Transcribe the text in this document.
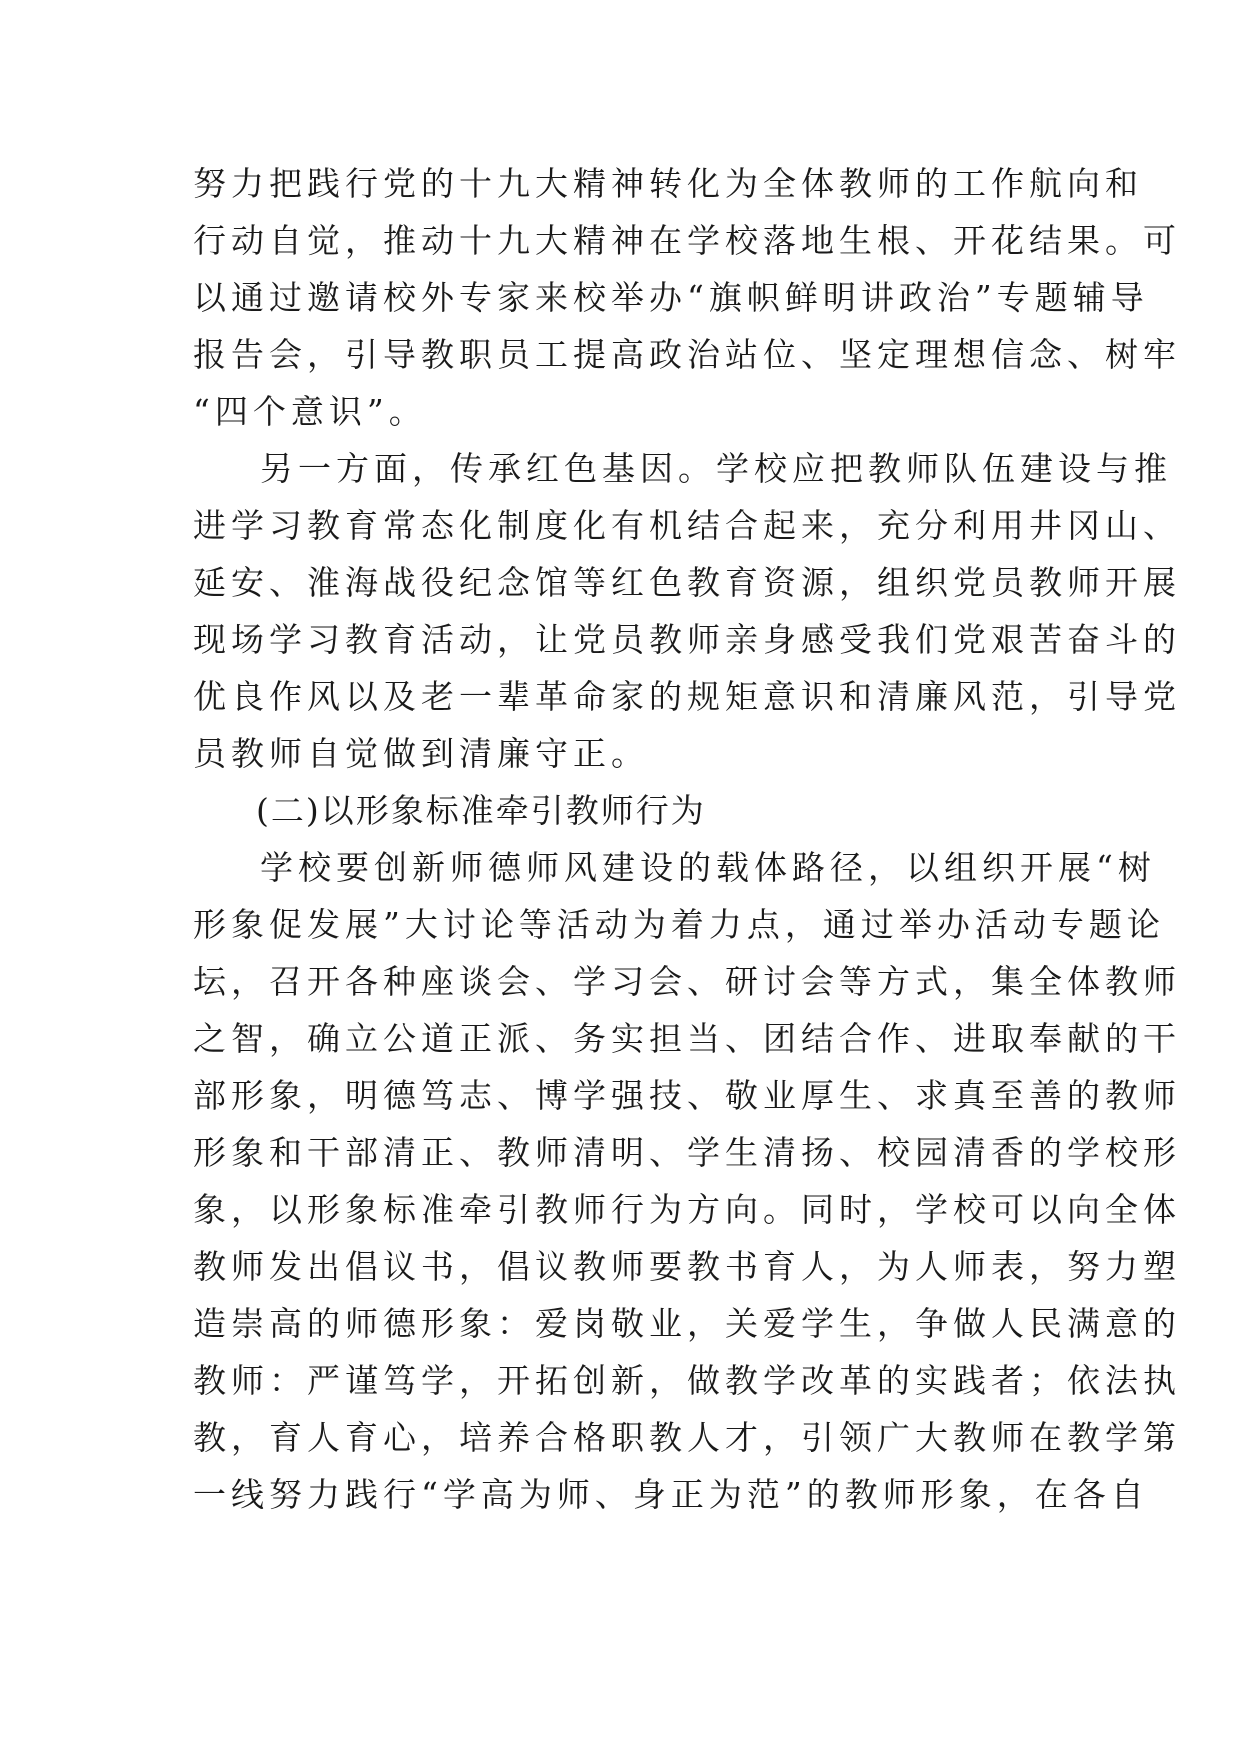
努力把践行党的十九大精神转化为全体教师的工作航向和
行动自觉，推动十九大精神在学校落地生根、开花结果。可
以通过邀请校外专家来校举办“旗帜鲜明讲政治”专题辅导
报告会，引导教职员工提高政治站位、坚定理想信念、树牢
“四个意识”。
另一方面，传承红色基因。学校应把教师队伍建设与推
进学习教育常态化制度化有机结合起来，充分利用井冈山、
延安、淮海战役纪念馆等红色教育资源，组织党员教师开展
现场学习教育活动，让党员教师亲身感受我们党艰苦奋斗的
优良作风以及老一辈革命家的规矩意识和清廉风范，引导党
员教师自觉做到清廉守正。
(二)以形象标准牵引教师行为
学校要创新师德师风建设的载体路径，以组织开展“树
形象促发展”大讨论等活动为着力点，通过举办活动专题论
坛，召开各种座谈会、学习会、研讨会等方式，集全体教师
之智，确立公道正派、务实担当、团结合作、进取奉献的干
部形象，明德笃志、博学强技、敬业厚生、求真至善的教师
形象和干部清正、教师清明、学生清扬、校园清香的学校形
象，以形象标准牵引教师行为方向。同时，学校可以向全体
教师发出倡议书，倡议教师要教书育人，为人师表，努力塑
造崇高的师德形象：爱岗敬业，关爱学生，争做人民满意的
教师：严谨笃学，开拓创新，做教学改革的实践者；依法执
教，育人育心，培养合格职教人才，引领广大教师在教学第
一线努力践行“学高为师、身正为范”的教师形象，在各自
